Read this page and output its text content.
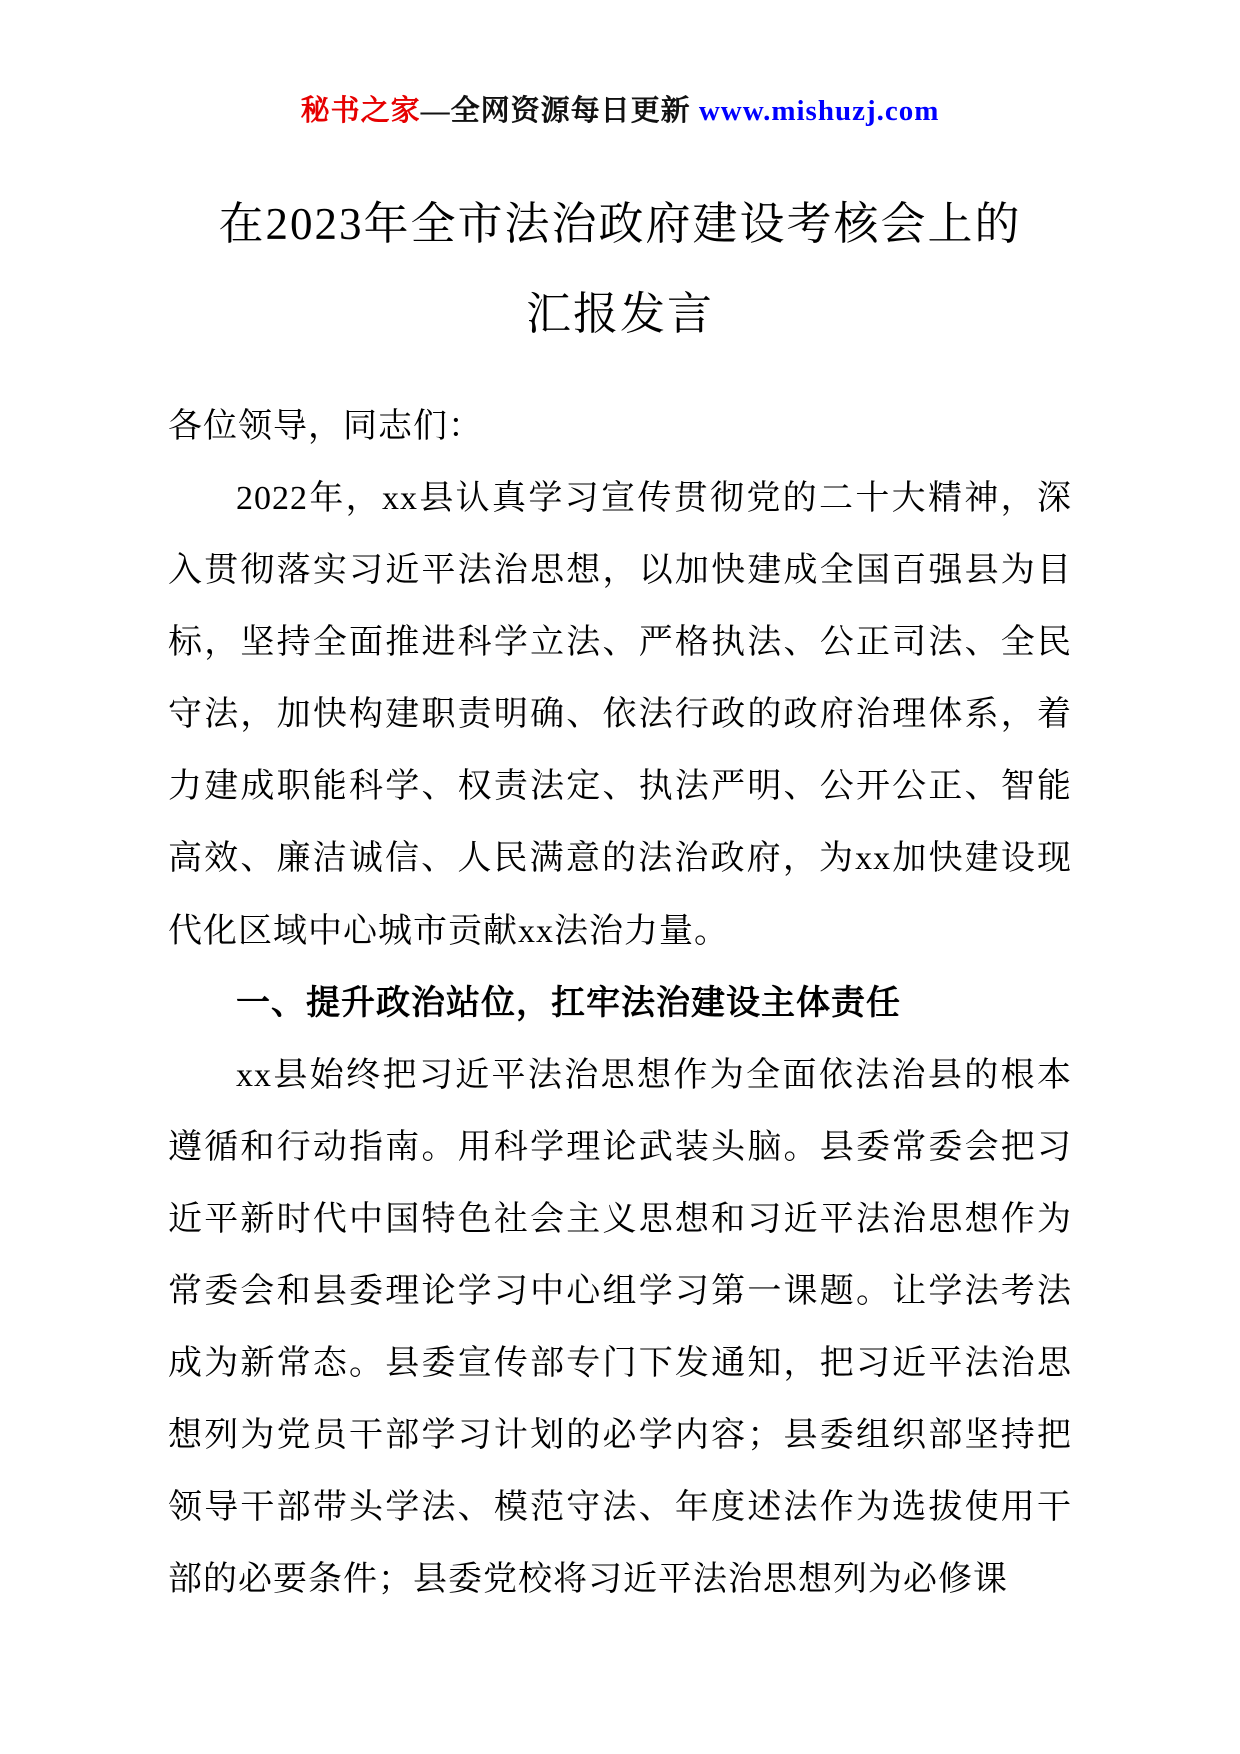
秘书之家—全网资源每日更新 www.mishuzj.com
在2023年全市法治政府建设考核会上的
汇报发言

各位领导，同志们：

2022年，xx县认真学习宣传贯彻党的二十大精神，深入贯彻落实习近平法治思想，以加快建成全国百强县为目标，坚持全面推进科学立法、严格执法、公正司法、全民守法，加快构建职责明确、依法行政的政府治理体系，着力建成职能科学、权责法定、执法严明、公开公正、智能高效、廉洁诚信、人民满意的法治政府，为xx加快建设现代化区域中心城市贡献xx法治力量。

一、提升政治站位，扛牢法治建设主体责任

xx县始终把习近平法治思想作为全面依法治县的根本遵循和行动指南。用科学理论武装头脑。县委常委会把习近平新时代中国特色社会主义思想和习近平法治思想作为常委会和县委理论学习中心组学习第一课题。让学法考法成为新常态。县委宣传部专门下发通知，把习近平法治思想列为党员干部学习计划的必学内容；县委组织部坚持把领导干部带头学法、模范守法、年度述法作为选拔使用干部的必要条件；县委党校将习近平法治思想列为必修课
